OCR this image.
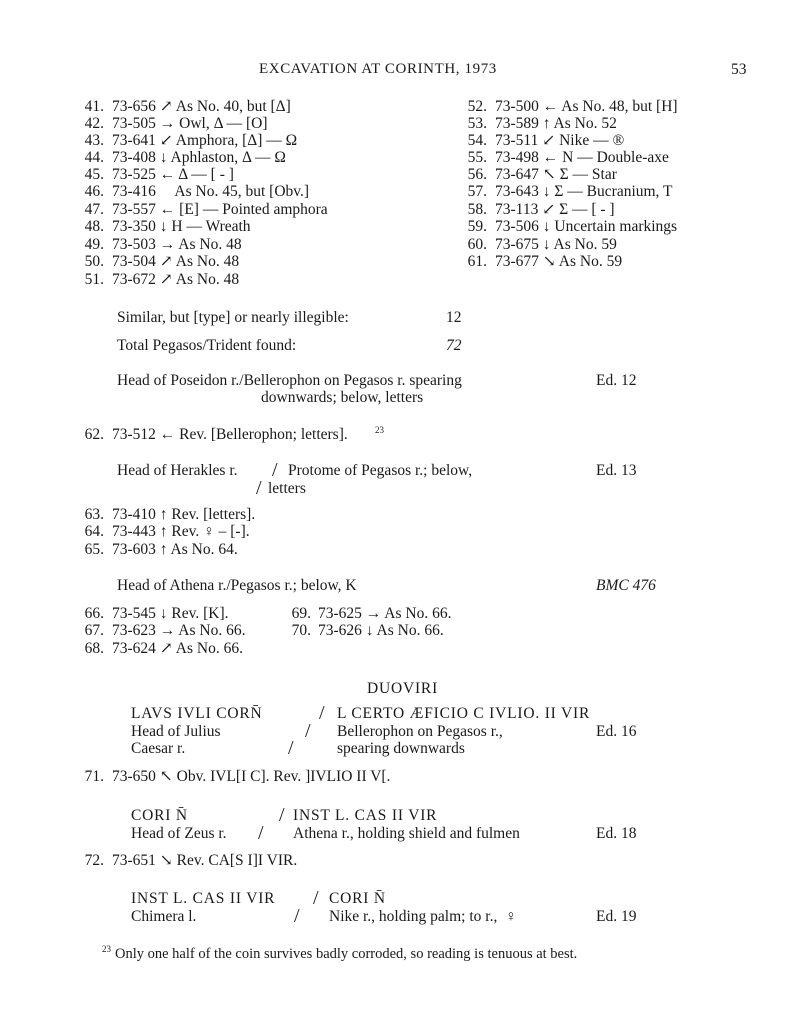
EXCAVATION AT CORINTH, 1973	53
41. 73-656 ↗ As No. 40, but [Δ]
42. 73-505 → Owl, Δ — [O]
43. 73-641 ↙ Amphora, [Δ] — Ω
44. 73-408 ↓ Aphlaston, Δ — Ω
45. 73-525 ← Δ — [ - ]
46. 73-416     As No. 45, but [Obv.]
47. 73-557 ← [E] — Pointed amphora
48. 73-350 ↓ H — Wreath
49. 73-503 → As No. 48
50. 73-504 ↗ As No. 48
51. 73-672 ↗ As No. 48
52. 73-500 ← As No. 48, but [H]
53. 73-589 ↑ As No. 52
54. 73-511 ↙ Nike — ®
55. 73-498 ← N — Double-axe
56. 73-647 ↖ Σ — Star
57. 73-643 ↓ Σ — Bucranium, T
58. 73-113 ↙ Σ — [ - ]
59. 73-506 ↓ Uncertain markings
60. 73-675 ↓ As No. 59
61. 73-677 ↘ As No. 59
Similar, but [type] or nearly illegible:	12
Total Pegasos/Trident found:	72
Head of Poseidon r./Bellerophon on Pegasos r. spearing
downwards; below, letters
Ed. 12
62. 73-512 ← Rev. [Bellerophon; letters].	23
Head of Herakles r. / Protome of Pegasos r.; below,
/ letters
Ed. 13
63. 73-410 ↑ Rev. [letters].
64. 73-443 ↑ Rev. ♀ – [-].
65. 73-603 ↑ As No. 64.
Head of Athena r./Pegasos r.; below, K	BMC 476
66. 73-545 ↓ Rev. [K].
67. 73-623 → As No. 66.
68. 73-624 ↗ As No. 66.
69. 73-625 → As No. 66.
70. 73-626 ↓ As No. 66.
DUOVIRI
LAVS IVLI CORN̄	/ L CERTO ÆFICIO C IVLIO. II VIR
Head of Julius	/ Bellerophon on Pegasos r.,	Ed. 16
Caesar r.	/	spearing downwards
71. 73-650 ↖ Obv. IVL[I C]. Rev. ]IVLIO II V[.
CORI N̄	/ INST L. CAS II VIR
Head of Zeus r. / Athena r., holding shield and fulmen	Ed. 18
72. 73-651 ↘ Rev. CA[S I]I VIR.
INST L. CAS II VIR / CORI N̄
Chimera l.	/ Nike r., holding palm; to r.,  ♀	Ed. 19
23 Only one half of the coin survives badly corroded, so reading is tenuous at best.
